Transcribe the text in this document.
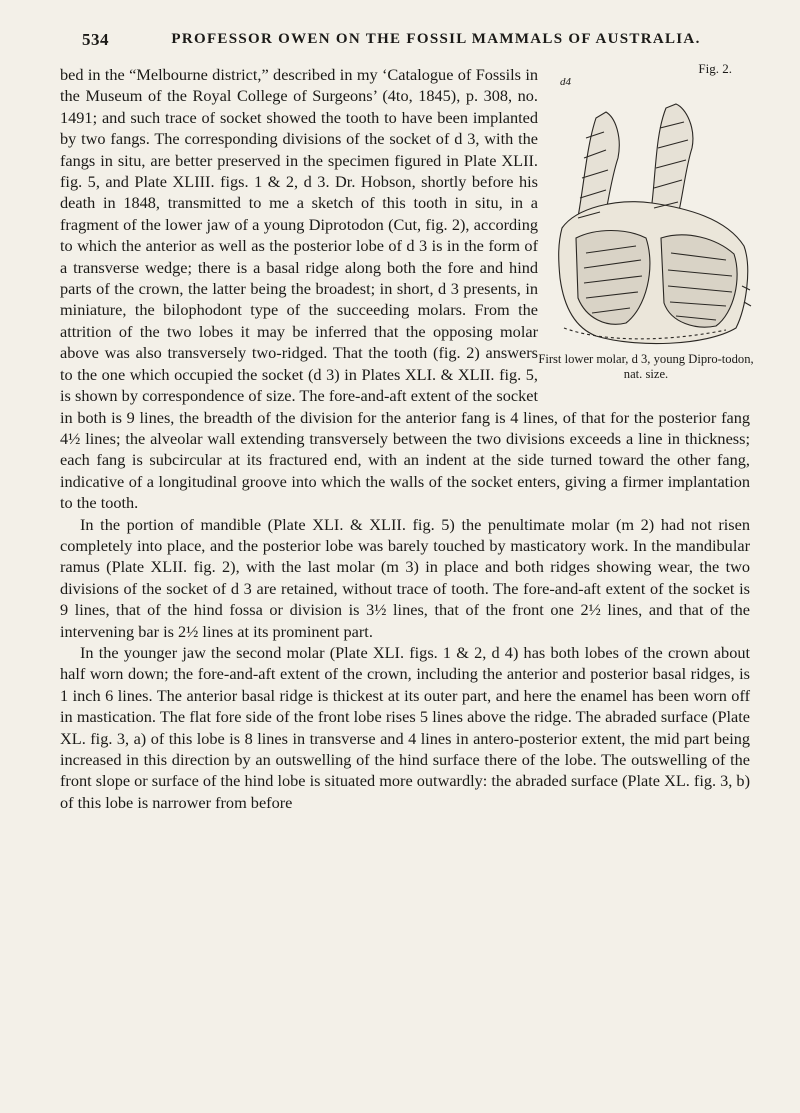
534	PROFESSOR OWEN ON THE FOSSIL MAMMALS OF AUSTRALIA.
Fig. 2.
d4
First lower molar, d 3, young Dipro-todon, nat. size.

bed in the “Melbourne district,” described in my ‘Catalogue of Fossils in the Museum of the Royal College of Surgeons’ (4to, 1845), p. 308, no. 1491; and such trace of socket showed the tooth to have been implanted by two fangs. The corresponding divisions of the socket of d 3, with the fangs in situ, are better preserved in the specimen figured in Plate XLII. fig. 5, and Plate XLIII. figs. 1 & 2, d 3. Dr. Hobson, shortly before his death in 1848, transmitted to me a sketch of this tooth in situ, in a fragment of the lower jaw of a young Diprotodon (Cut, fig. 2), according to which the anterior as well as the posterior lobe of d 3 is in the form of a transverse wedge; there is a basal ridge along both the fore and hind parts of the crown, the latter being the broadest; in short, d 3 presents, in miniature, the bilophodont type of the succeeding molars. From the attrition of the two lobes it may be inferred that the opposing molar above was also transversely two-ridged. That the tooth (fig. 2) answers to the one which occupied the socket (d 3) in Plates XLI. & XLII. fig. 5, is shown by correspondence of size. The fore-and-aft extent of the socket in both is 9 lines, the breadth of the division for the anterior fang is 4 lines, of that for the posterior fang 4½ lines; the alveolar wall extending transversely between the two divisions exceeds a line in thickness; each fang is subcircular at its fractured end, with an indent at the side turned toward the other fang, indicative of a longitudinal groove into which the walls of the socket enters, giving a firmer implantation to the tooth.

In the portion of mandible (Plate XLI. & XLII. fig. 5) the penultimate molar (m 2) had not risen completely into place, and the posterior lobe was barely touched by masticatory work. In the mandibular ramus (Plate XLII. fig. 2), with the last molar (m 3) in place and both ridges showing wear, the two divisions of the socket of d 3 are retained, without trace of tooth. The fore-and-aft extent of the socket is 9 lines, that of the hind fossa or division is 3½ lines, that of the front one 2½ lines, and that of the intervening bar is 2½ lines at its prominent part.

In the younger jaw the second molar (Plate XLI. figs. 1 & 2, d 4) has both lobes of the crown about half worn down; the fore-and-aft extent of the crown, including the anterior and posterior basal ridges, is 1 inch 6 lines. The anterior basal ridge is thickest at its outer part, and here the enamel has been worn off in mastication. The flat fore side of the front lobe rises 5 lines above the ridge. The abraded surface (Plate XL. fig. 3, a) of this lobe is 8 lines in transverse and 4 lines in antero-posterior extent, the mid part being increased in this direction by an outswelling of the hind surface there of the lobe. The outswelling of the front slope or surface of the hind lobe is situated more outwardly: the abraded surface (Plate XL. fig. 3, b) of this lobe is narrower from before
